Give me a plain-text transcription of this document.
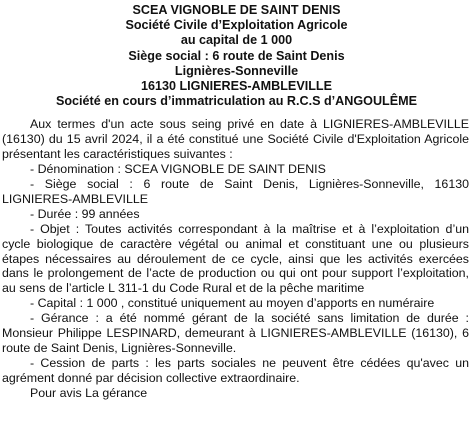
SCEA VIGNOBLE DE SAINT DENIS
Société Civile d’Exploitation Agricole
au capital de 1 000
Siège social : 6 route de Saint Denis
Lignières-Sonneville
16130 LIGNIERES-AMBLEVILLE
Société en cours d’immatriculation au R.C.S d’ANGOULÊME

Aux termes d'un acte sous seing privé en date à LIGNIERES-AMBLEVILLE (16130) du 15 avril 2024, il a été constitué une Société Civile d'Exploitation Agricole présentant les caractéristiques suivantes :

- Dénomination : SCEA VIGNOBLE DE SAINT DENIS

- Siège social : 6 route de Saint Denis, Lignières-Sonneville, 16130 LIGNIERES-AMBLEVILLE

- Durée : 99 années

- Objet : Toutes activités correspondant à la maîtrise et à l’exploitation d’un cycle biologique de caractère végétal ou animal et constituant une ou plusieurs étapes nécessaires au déroulement de ce cycle, ainsi que les activités exercées dans le prolongement de l’acte de production ou qui ont pour support l’exploitation, au sens de l’article L 311-1 du Code Rural et de la pêche maritime

- Capital : 1 000 , constitué uniquement au moyen d’apports en numéraire

- Gérance : a été nommé gérant de la société sans limitation de durée : Monsieur Philippe LESPINARD, demeurant à LIGNIERES-AMBLEVILLE (16130), 6 route de Saint Denis, Lignières-Sonneville.

- Cession de parts : les parts sociales ne peuvent être cédées qu'avec un agrément donné par décision collective extraordinaire.

Pour avis La gérance
